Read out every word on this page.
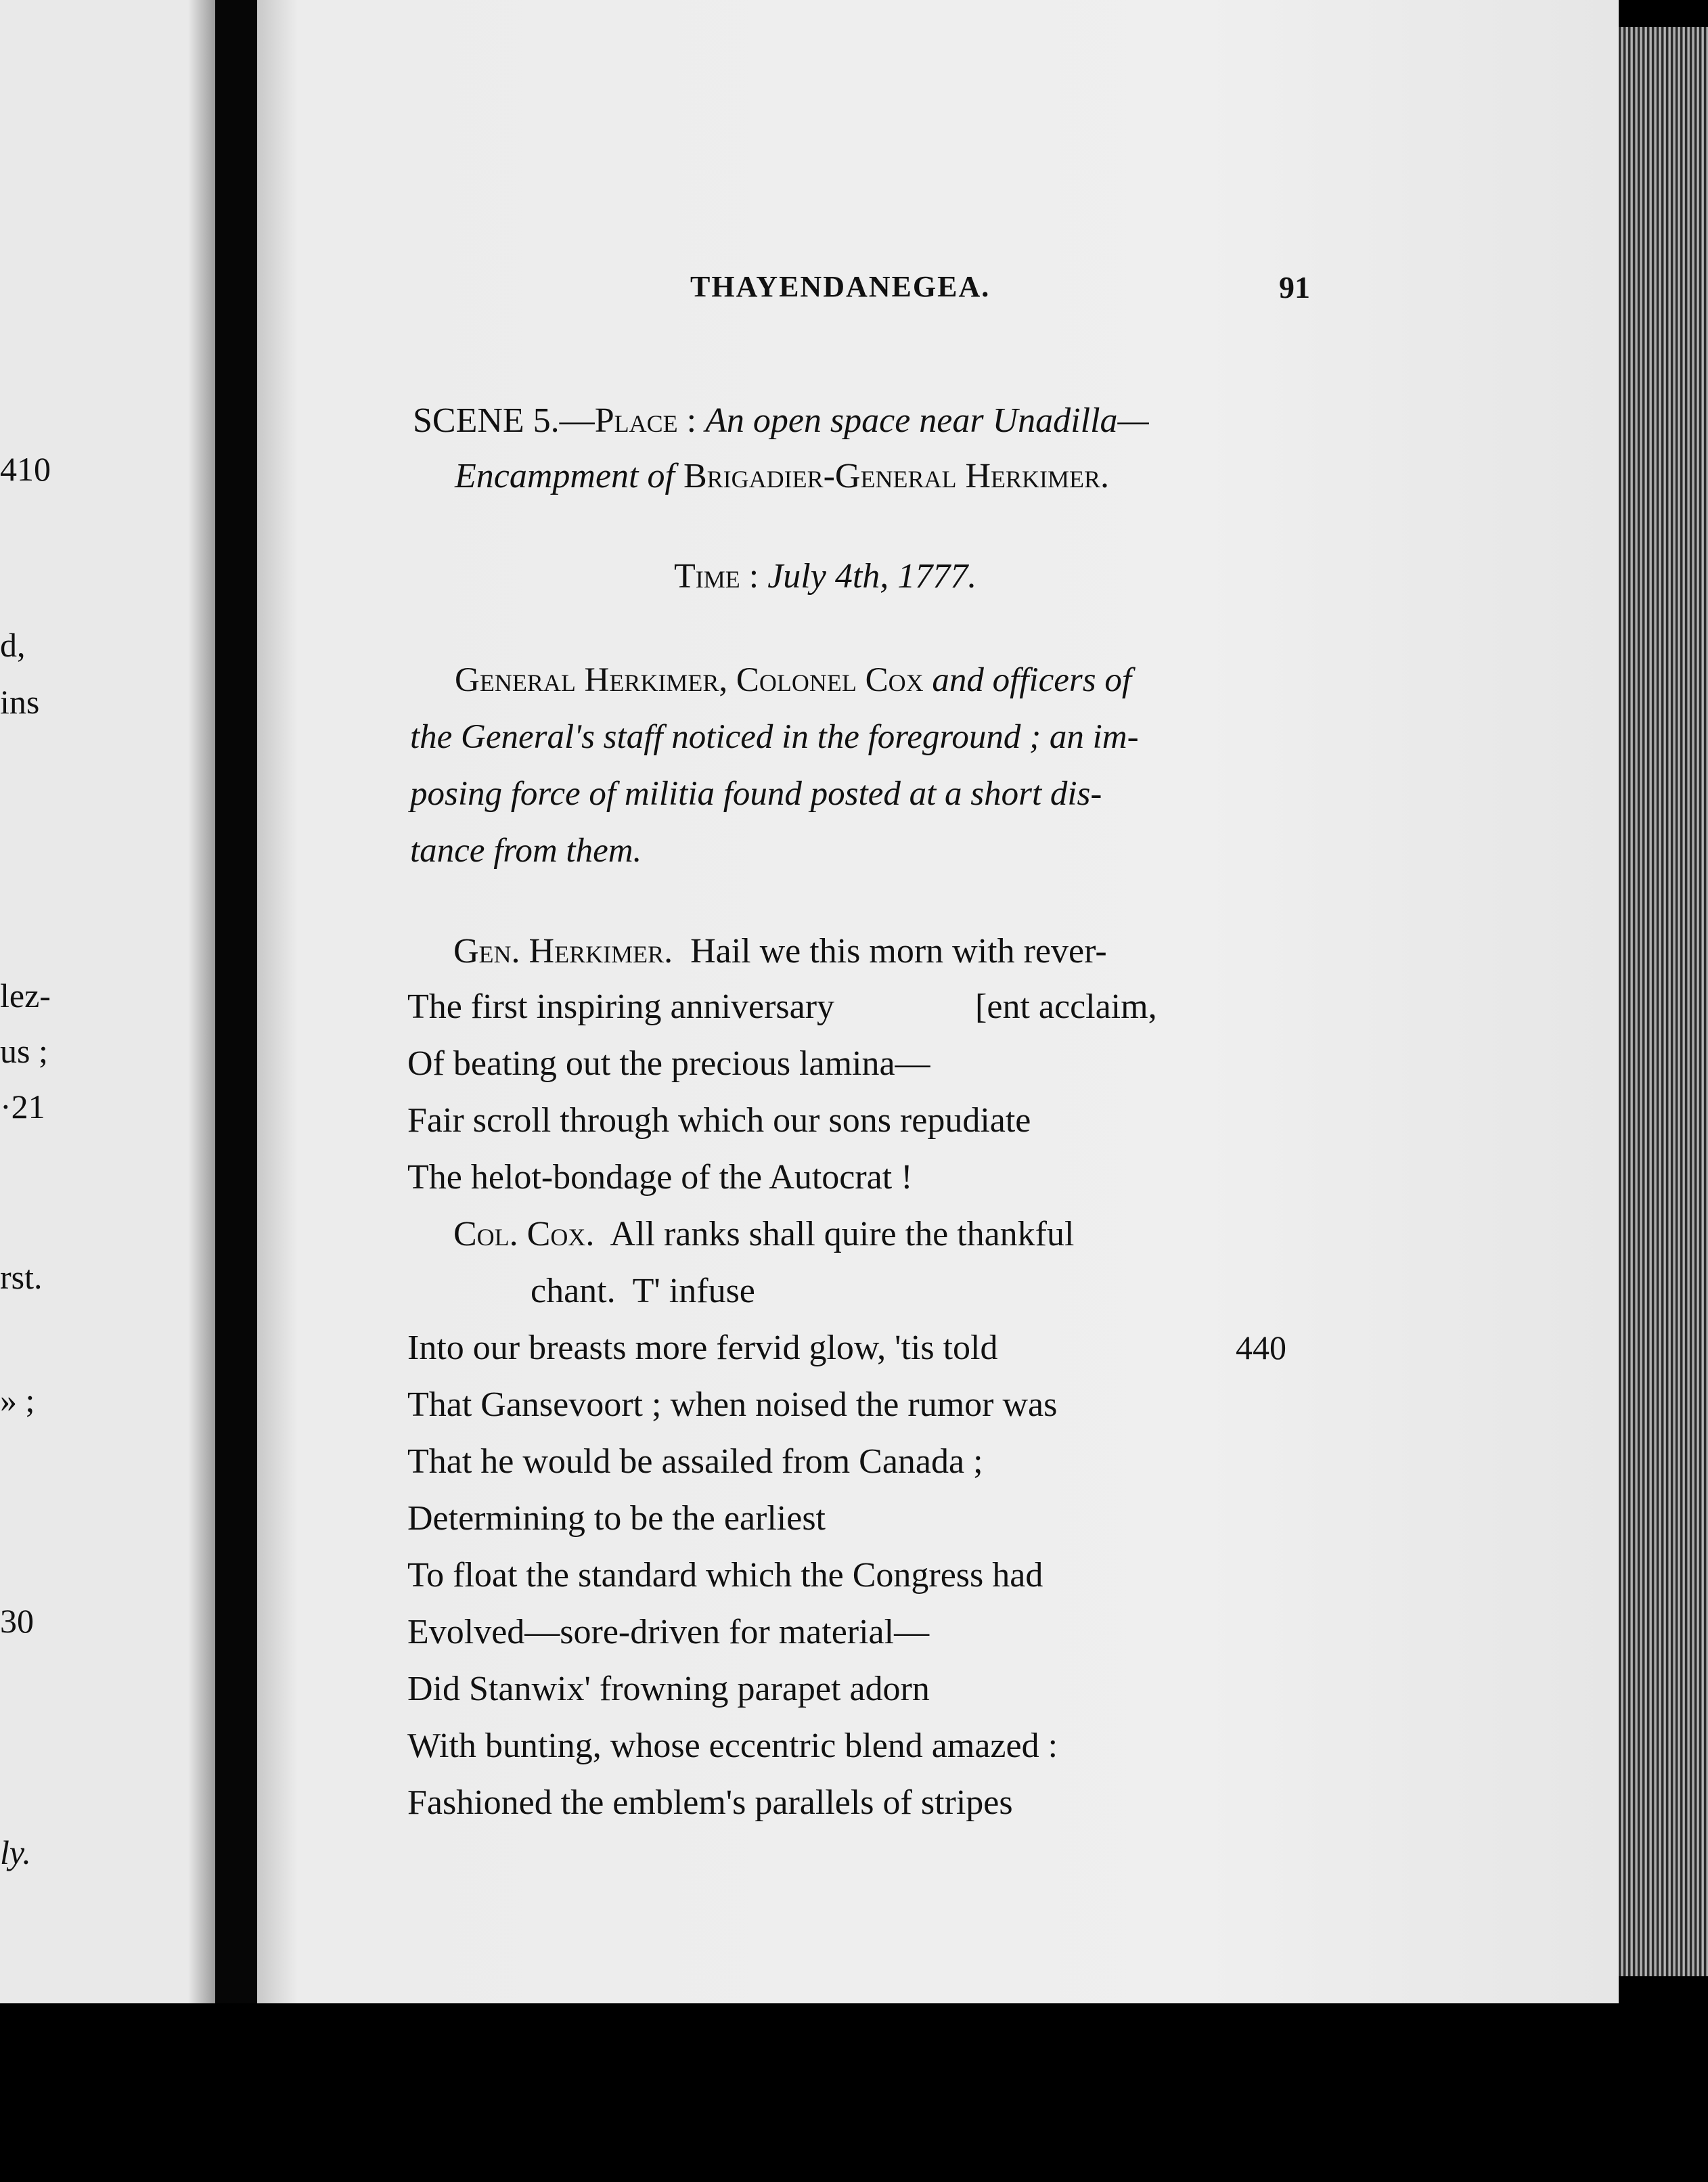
410
d,
ins
lez-
us ;
·21
rst.
» ;
30
ly.
THAYENDANEGEA.	91
SCENE 5.—Place : An open space near Unadilla—
Encampment of Brigadier-General Herkimer.
Time : July 4th, 1777.
General Herkimer, Colonel Cox and officers of
the General's staff noticed in the foreground ; an im-
posing force of militia found posted at a short dis-
tance from them.
Gen. Herkimer.  Hail we this morn with rever-
The first inspiring anniversary                [ent acclaim,
Of beating out the precious lamina—
Fair scroll through which our sons repudiate
The helot-bondage of the Autocrat !
Col. Cox.  All ranks shall quire the thankful
chant.  T' infuse
Into our breasts more fervid glow, 'tis told	440
That Gansevoort ; when noised the rumor was
That he would be assailed from Canada ;
Determining to be the earliest
To float the standard which the Congress had
Evolved—sore-driven for material—
Did Stanwix' frowning parapet adorn
With bunting, whose eccentric blend amazed :
Fashioned the emblem's parallels of stripes
